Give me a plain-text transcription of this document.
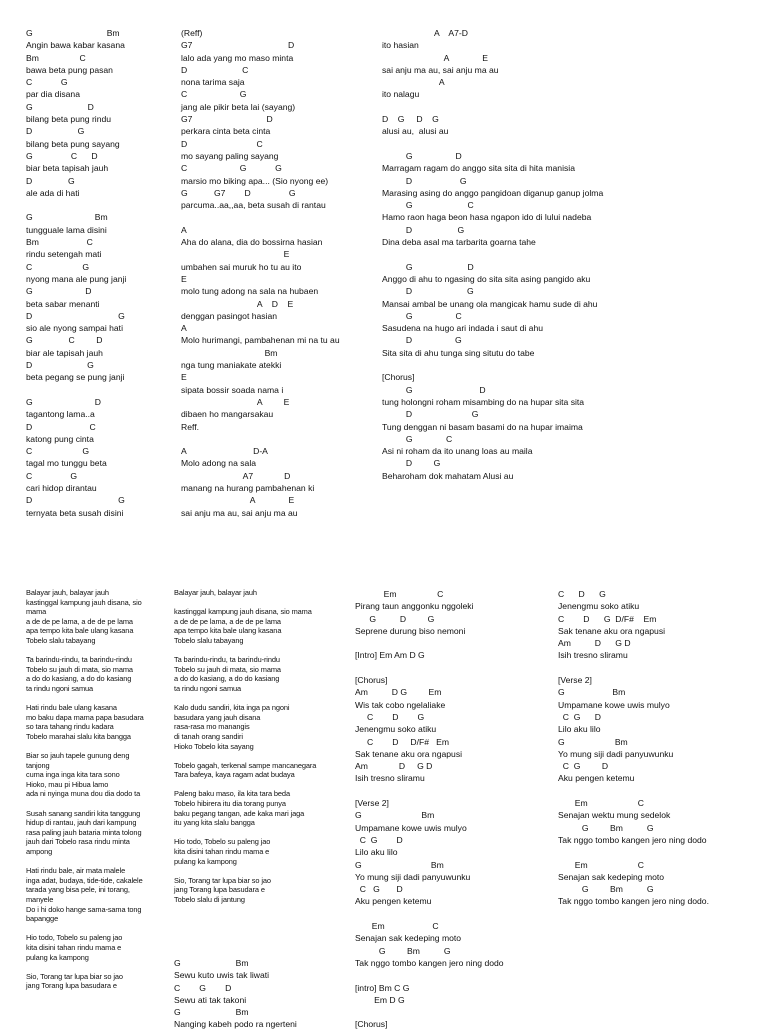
G                               Bm
Angin bawa kabar kasana
Bm                 C
bawa beta pung pasan
C            G
par dia disana
G                       D
bilang beta pung rindu
D                   G
bilang beta pung sayang
G                C      D
biar beta tapisah jauh
D               G
ale ada di hati

G                          Bm
tungguale lama disini
Bm                    C
rindu setengah mati
C                     G
nyong mana ale pung janji
G                      D
beta sabar menanti
D                                    G
sio ale nyong sampai hati
G               C         D
biar ale tapisah jauh
D                       G
beta pegang se pung janji

G                          D
tagantong lama..a
D                        C
katong pung cinta
C                     G
tagal mo tunggu beta
C                G
cari hidop dirantau
D                                    G
ternyata beta susah disini
(Reff)
G7                                        D
lalo ada yang mo maso minta
D                       C
nona tarima saja
C                      G
jang ale pikir beta lai (sayang)
G7                               D
perkara cinta beta cinta
D                             C
mo sayang paling sayang
C                      G            G
marsio mo biking apa... (Sio nyong ee)
G           G7        D                G
parcuma..aa,,aa, beta susah di rantau

A
Aha do alana, dia do bossirna hasian
E
umbahen sai muruk ho tu au ito
E
molo tung adong na sala na hubaen
A    D    E
denggan pasingot hasian
A
Molo hurimangi, pambahenan mi na tu au
Bm
nga tung maniakate atekki
E
sipata bossir soada nama i
A         E
dibaen ho mangarsakau
Reff.

A                            D-A
Molo adong na sala
A7             D
manang na hurang pambahenan ki
A              E
sai anju ma au, sai anju ma au
A    A7-D
ito hasian
A              E
sai anju ma au, sai anju ma au
A
ito nalagu

D    G     D    G
alusi au,  alusi au

G                  D
Marragam ragam do anggo sita sita di hita manisia
D                    G
Marasing asing do anggo pangidoan diganup ganup jolma
G                       C
Hamo raon haga beon hasa ngapon ido di lului nadeba
D                   G
Dina deba asal ma tarbarita goarna tahe

G                       D
Anggo di ahu to ngasing do sita sita asing pangido aku
D                       G
Mansai ambal be unang ola mangicak hamu sude di ahu
G                  C
Sasudena na hugo ari indada i saut di ahu
D                  G
Sita sita di ahu tunga sing situtu do tabe

[Chorus]
G                            D
tung holongni roham misambing do na hupar sita sita
D                         G
Tung denggan ni basam basami do na hupar imaima
G              C
Asi ni roham da ito unang loas au maila
D         G
Beharoham dok mahatam Alusi au
Balayar jauh, balayar jauh
kastinggal kampung jauh disana, sio
mama
a de de pe lama, a de de pe lama
apa tempo kita bale ulang kasana
Tobelo slalu tabayang

Ta barindu-rindu, ta barindu-rindu
Tobelo su jauh di mata, sio mama
a do do kasiang, a do do kasiang
ta rindu ngoni samua

Hati rindu bale ulang kasana
mo baku dapa mama papa basudara
so tara tahang rindu kadara
Tobelo marahai slalu kita bangga

Biar so jauh tapele gunung deng
tanjong
cuma inga inga kita tara sono
Hioko, mau pi Hibua lamo
ada ni nyinga muna dou dia dodo ta

Susah sanang sandiri kita tanggung
hidup di rantau, jauh dari kampung
rasa paling jauh bataria minta tolong
jauh dari Tobelo rasa rindu minta
ampong

Hati rindu bale, air mata malele
inga adat, budaya, tide-tide, cakalele
tarada yang bisa pele, ini torang,
manyele
Do i hi doko hange sama-sama tong
bapangge

Hio todo, Tobelo su paleng jao
kita disini tahan rindu mama e
pulang ka kampong

Sio, Torang tar lupa biar so jao
jang Torang lupa basudara e
Balayar jauh, balayar jauh

kastinggal kampung jauh disana, sio mama
a de de pe lama, a de de pe lama
apa tempo kita bale ulang kasana
Tobelo slalu tabayang

Ta barindu-rindu, ta barindu-rindu
Tobelo su jauh di mata, sio mama
a do do kasiang, a do do kasiang
ta rindu ngoni samua

Kalo dudu sandiri, kita inga pa ngoni
basudara yang jauh disana
rasa-rasa mo manangis
di tanah orang sandiri
Hioko Tobelo kita sayang

Tobelo gagah, terkenal sampe mancanegara
Tara bafeya, kaya ragam adat budaya

Paleng baku maso, ila kita tara beda
Tobelo hibirera itu dia torang punya
baku pegang tangan, ade kaka mari jaga
itu yang kita slalu bangga

Hio todo, Tobelo su paleng jao
kita disini tahan rindu mama e
pulang ka kampong

Sio, Torang tar lupa biar so jao
jang Torang lupa basudara e
Tobelo slalu di jantung
G                       Bm
Sewu kuto uwis tak liwati
C        G        D
Sewu ati tak takoni
G                       Bm
Nanging kabeh podo ra ngerteni
Em                 C
Pirang taun anggonku nggoleki
G          D         G
Seprene durung biso nemoni

[Intro] Em Am D G

[Chorus]
Am          D G         Em
Wis tak cobo ngelaliake
C        D        G
Jenengmu soko atiku
C        D     D/F#   Em
Sak tenane aku ora ngapusi
Am             D     G D
Isih tresno sliramu

[Verse 2]
G                         Bm
Umpamane kowe uwis mulyo
C  G        D
Lilo aku lilo
G                             Bm
Yo mung siji dadi panyuwunku
C   G       D
Aku pengen ketemu

Em                    C
Senajan sak kedeping moto
G         Bm          G
Tak nggo tombo kangen jero ning dodo

[intro] Bm C G
Em D G

[Chorus]
C      D      G
Jenengmu soko atiku
C        D      G  D/F#    Em
Sak tenane aku ora ngapusi
Am          D      G D
Isih tresno sliramu

[Verse 2]
G                    Bm
Umpamane kowe uwis mulyo
C  G      D
Lilo aku lilo
G                     Bm
Yo mung siji dadi panyuwunku
C  G         D
Aku pengen ketemu

Em                     C
Senajan wektu mung sedelok
G         Bm          G
Tak nggo tombo kangen jero ning dodo

Em                     C
Senajan sak kedeping moto
G         Bm          G
Tak nggo tombo kangen jero ning dodo.
